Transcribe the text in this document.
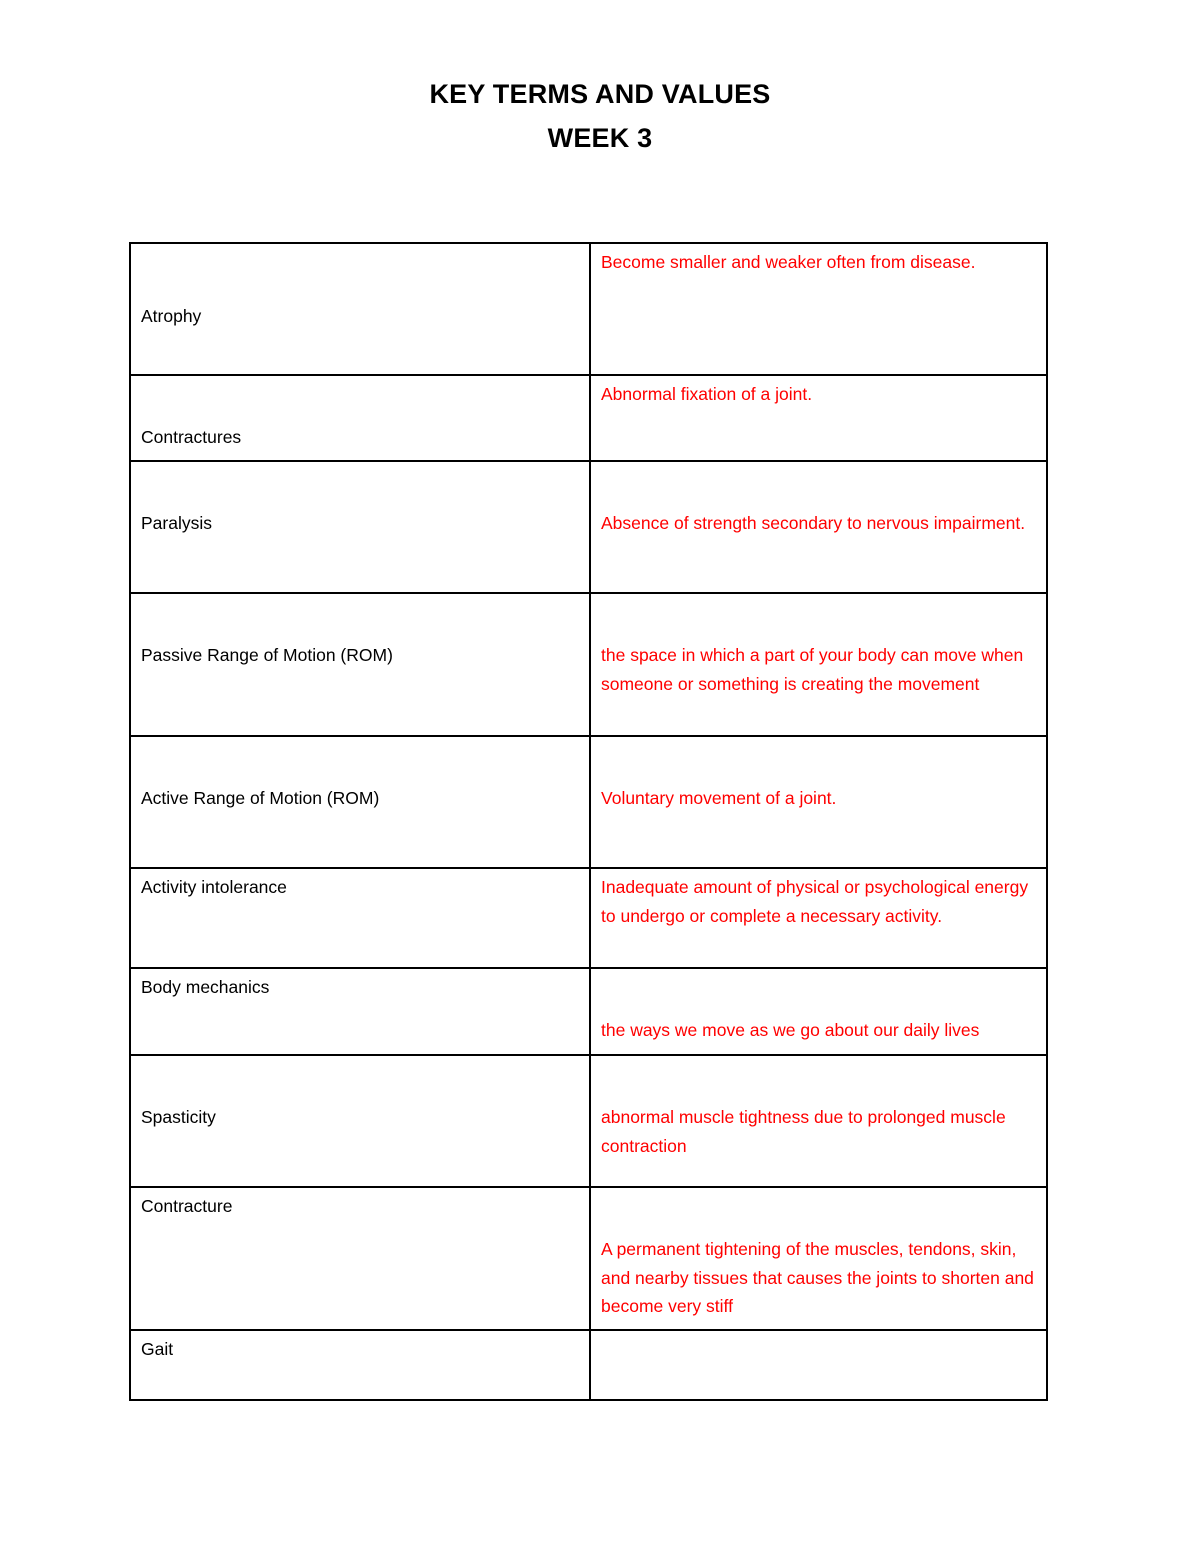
KEY TERMS AND VALUES
WEEK 3
Atrophy	Become smaller and weaker often from disease.

Contractures	Abnormal fixation of a joint.

Paralysis	Absence of strength secondary to nervous impairment.

Passive Range of Motion (ROM)	the space in which a part of your body can move when someone or something is creating the movement

Active Range of Motion (ROM)	Voluntary movement of a joint.

Activity intolerance	Inadequate amount of physical or psychological energy to undergo or complete a necessary activity.
Body mechanics	the ways we move as we go about our daily lives

Spasticity	abnormal muscle tightness due to prolonged muscle contraction

Contracture	A permanent tightening of the muscles, tendons, skin, and nearby tissues that causes the joints to shorten and become very stiff

Gait	
